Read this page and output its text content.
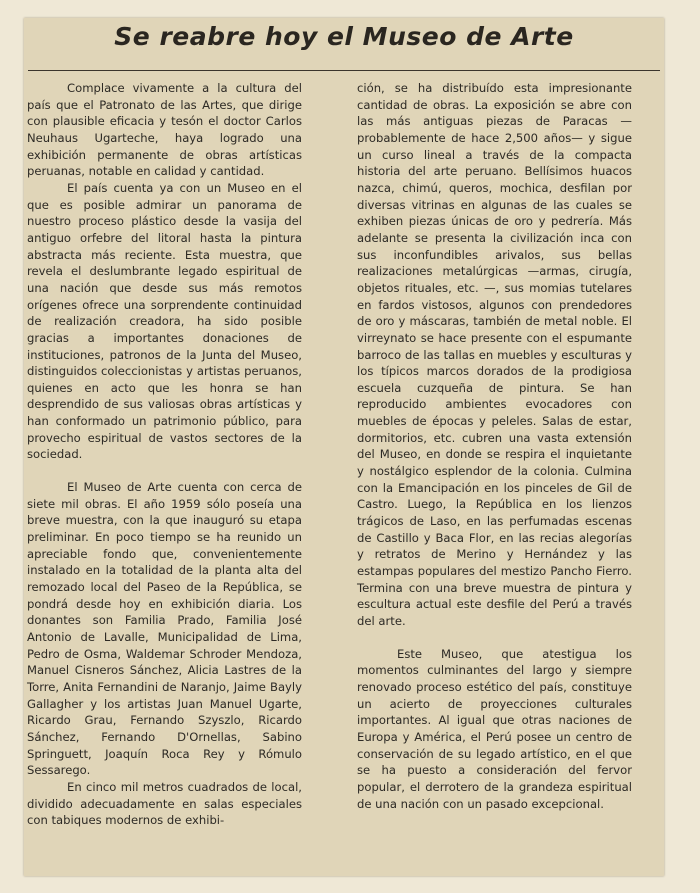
Se reabre hoy el Museo de Arte

Complace vivamente a la cultura del país que el Patronato de las Artes, que dirige con plausible eficacia y tesón el doctor Carlos Neuhaus Ugarteche, haya logrado una exhibición permanente de obras artísticas peruanas, notable en calidad y cantidad.

El país cuenta ya con un Museo en el que es posible admirar un panorama de nuestro proceso plástico desde la vasija del antiguo orfebre del litoral hasta la pintura abstracta más reciente. Esta muestra, que revela el deslumbrante legado espiritual de una nación que desde sus más remotos orígenes ofrece una sorprendente continuidad de realización creadora, ha sido posible gracias a importantes donaciones de instituciones, patronos de la Junta del Museo, distinguidos coleccionistas y artistas peruanos, quienes en acto que les honra se han desprendido de sus valiosas obras artísticas y han conformado un patrimonio público, para provecho espiritual de vastos sectores de la sociedad.

El Museo de Arte cuenta con cerca de siete mil obras. El año 1959 sólo poseía una breve muestra, con la que inauguró su etapa preliminar. En poco tiempo se ha reunido un apreciable fondo que, convenientemente instalado en la totalidad de la planta alta del remozado local del Paseo de la República, se pondrá desde hoy en exhibición diaria. Los donantes son Familia Prado, Familia José Antonio de Lavalle, Municipalidad de Lima, Pedro de Osma, Waldemar Schroder Mendoza, Manuel Cisneros Sánchez, Alicia Lastres de la Torre, Anita Fernandini de Naranjo, Jaime Bayly Gallagher y los artistas Juan Manuel Ugarte, Ricardo Grau, Fernando Szyszlo, Ricardo Sánchez, Fernando D'Ornellas, Sabino Springuett, Joaquín Roca Rey y Rómulo Sessarego.

En cinco mil metros cuadrados de local, dividido adecuadamente en salas especiales con tabiques modernos de exhibi-

ción, se ha distribuído esta impresionante cantidad de obras. La exposición se abre con las más antiguas piezas de Paracas —probablemente de hace 2,500 años— y sigue un curso lineal a través de la compacta historia del arte peruano. Bellísimos huacos nazca, chimú, queros, mochica, desfilan por diversas vitrinas en algunas de las cuales se exhiben piezas únicas de oro y pedrería. Más adelante se presenta la civilización inca con sus inconfundibles arivalos, sus bellas realizaciones metalúrgicas —armas, cirugía, objetos rituales, etc. —, sus momias tutelares en fardos vistosos, algunos con prendedores de oro y máscaras, también de metal noble. El virreynato se hace presente con el espumante barroco de las tallas en muebles y esculturas y los típicos marcos dorados de la prodigiosa escuela cuzqueña de pintura. Se han reproducido ambientes evocadores con muebles de épocas y peleles. Salas de estar, dormitorios, etc. cubren una vasta extensión del Museo, en donde se respira el inquietante y nostálgico esplendor de la colonia. Culmina con la Emancipación en los pinceles de Gil de Castro. Luego, la República en los lienzos trágicos de Laso, en las perfumadas escenas de Castillo y Baca Flor, en las recias alegorías y retratos de Merino y Hernández y las estampas populares del mestizo Pancho Fierro. Termina con una breve muestra de pintura y escultura actual este desfile del Perú a través del arte.

Este Museo, que atestigua los momentos culminantes del largo y siempre renovado proceso estético del país, constituye un acierto de proyecciones culturales importantes. Al igual que otras naciones de Europa y América, el Perú posee un centro de conservación de su legado artístico, en el que se ha puesto a consideración del fervor popular, el derrotero de la grandeza espiritual de una nación con un pasado excepcional.
